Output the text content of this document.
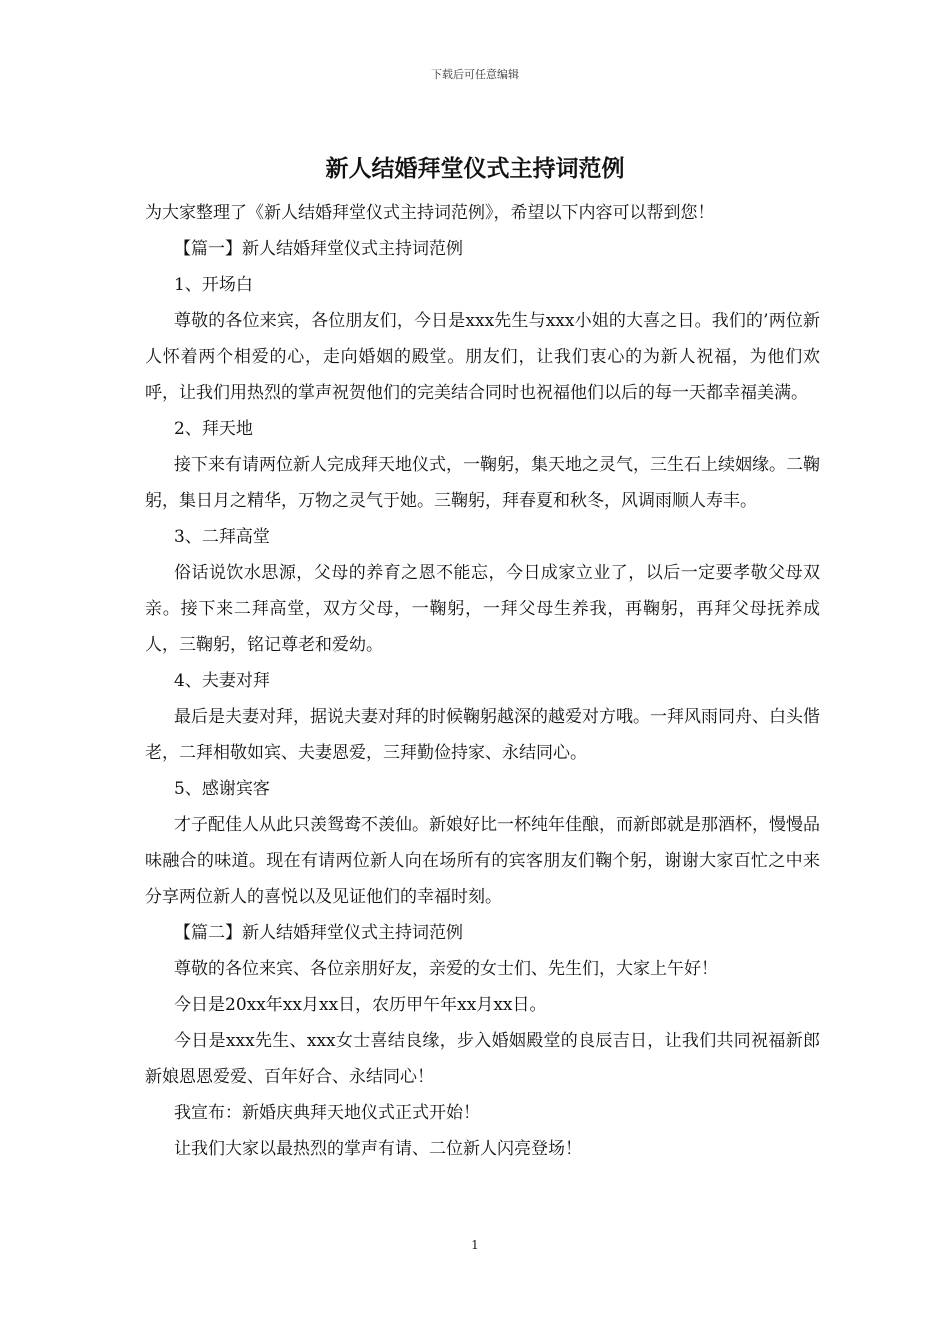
下载后可任意编辑
新人结婚拜堂仪式主持词范例

为大家整理了《新人结婚拜堂仪式主持词范例》，希望以下内容可以帮到您！

【篇一】新人结婚拜堂仪式主持词范例

1、开场白

尊敬的各位来宾，各位朋友们，今日是xxx先生与xxx小姐的大喜之日。我们的’两位新人怀着两个相爱的心，走向婚姻的殿堂。朋友们，让我们衷心的为新人祝福，为他们欢呼，让我们用热烈的掌声祝贺他们的完美结合同时也祝福他们以后的每一天都幸福美满。

2、拜天地

接下来有请两位新人完成拜天地仪式，一鞠躬，集天地之灵气，三生石上续姻缘。二鞠躬，集日月之精华，万物之灵气于她。三鞠躬，拜春夏和秋冬，风调雨顺人寿丰。

3、二拜高堂

俗话说饮水思源，父母的养育之恩不能忘，今日成家立业了，以后一定要孝敬父母双亲。接下来二拜高堂，双方父母，一鞠躬，一拜父母生养我，再鞠躬，再拜父母抚养成人，三鞠躬，铭记尊老和爱幼。

4、夫妻对拜

最后是夫妻对拜，据说夫妻对拜的时候鞠躬越深的越爱对方哦。一拜风雨同舟、白头偕老，二拜相敬如宾、夫妻恩爱，三拜勤俭持家、永结同心。

5、感谢宾客

才子配佳人从此只羡鸳鸯不羡仙。新娘好比一杯纯年佳酿，而新郎就是那酒杯，慢慢品味融合的味道。现在有请两位新人向在场所有的宾客朋友们鞠个躬，谢谢大家百忙之中来分享两位新人的喜悦以及见证他们的幸福时刻。

【篇二】新人结婚拜堂仪式主持词范例

尊敬的各位来宾、各位亲朋好友，亲爱的女士们、先生们，大家上午好！

今日是20xx年xx月xx日，农历甲午年xx月xx日。

今日是xxx先生、xxx女士喜结良缘，步入婚姻殿堂的良辰吉日，让我们共同祝福新郎新娘恩恩爱爱、百年好合、永结同心！

我宣布：新婚庆典拜天地仪式正式开始！

让我们大家以最热烈的掌声有请、二位新人闪亮登场！

1
